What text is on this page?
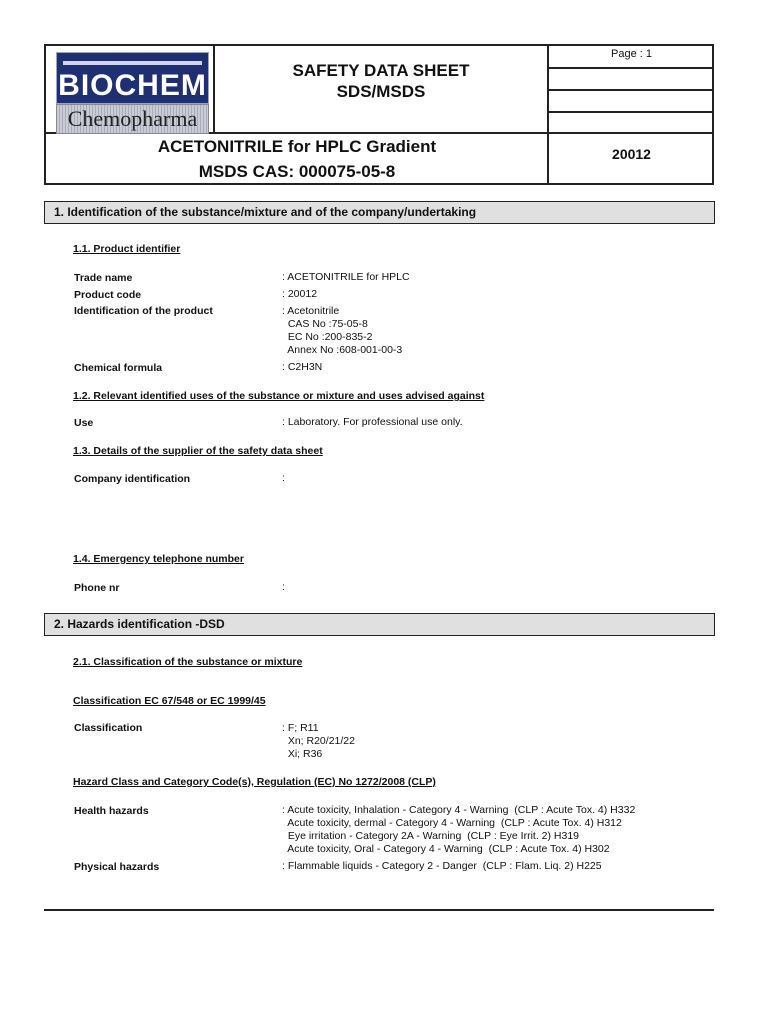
BIOCHEM
Chemopharma
SAFETY DATA SHEET
SDS/MSDS
Page : 1
ACETONITRILE for HPLC Gradient
MSDS CAS: 000075-05-8
20012
1. Identification of the substance/mixture and of the company/undertaking
1.1. Product identifier
Trade name	: ACETONITRILE for HPLC
Product code	: 20012
Identification of the product	: Acetonitrile
CAS No :75-05-8
EC No :200-835-2
Annex No :608-001-00-3
Chemical formula	: C2H3N
1.2. Relevant identified uses of the substance or mixture and uses advised against
Use	: Laboratory. For professional use only.
1.3. Details of the supplier of the safety data sheet
Company identification	:
1.4. Emergency telephone number
Phone nr	:
2. Hazards identification -DSD
2.1. Classification of the substance or mixture
Classification EC 67/548 or EC 1999/45
Classification	: F; R11
Xn; R20/21/22
Xi; R36
Hazard Class and Category Code(s), Regulation (EC) No 1272/2008 (CLP)
Health hazards	: Acute toxicity, Inhalation - Category 4 - Warning  (CLP : Acute Tox. 4) H332
Acute toxicity, dermal - Category 4 - Warning  (CLP : Acute Tox. 4) H312
Eye irritation - Category 2A - Warning  (CLP : Eye Irrit. 2) H319
Acute toxicity, Oral - Category 4 - Warning  (CLP : Acute Tox. 4) H302
Physical hazards	: Flammable liquids - Category 2 - Danger  (CLP : Flam. Liq. 2) H225
